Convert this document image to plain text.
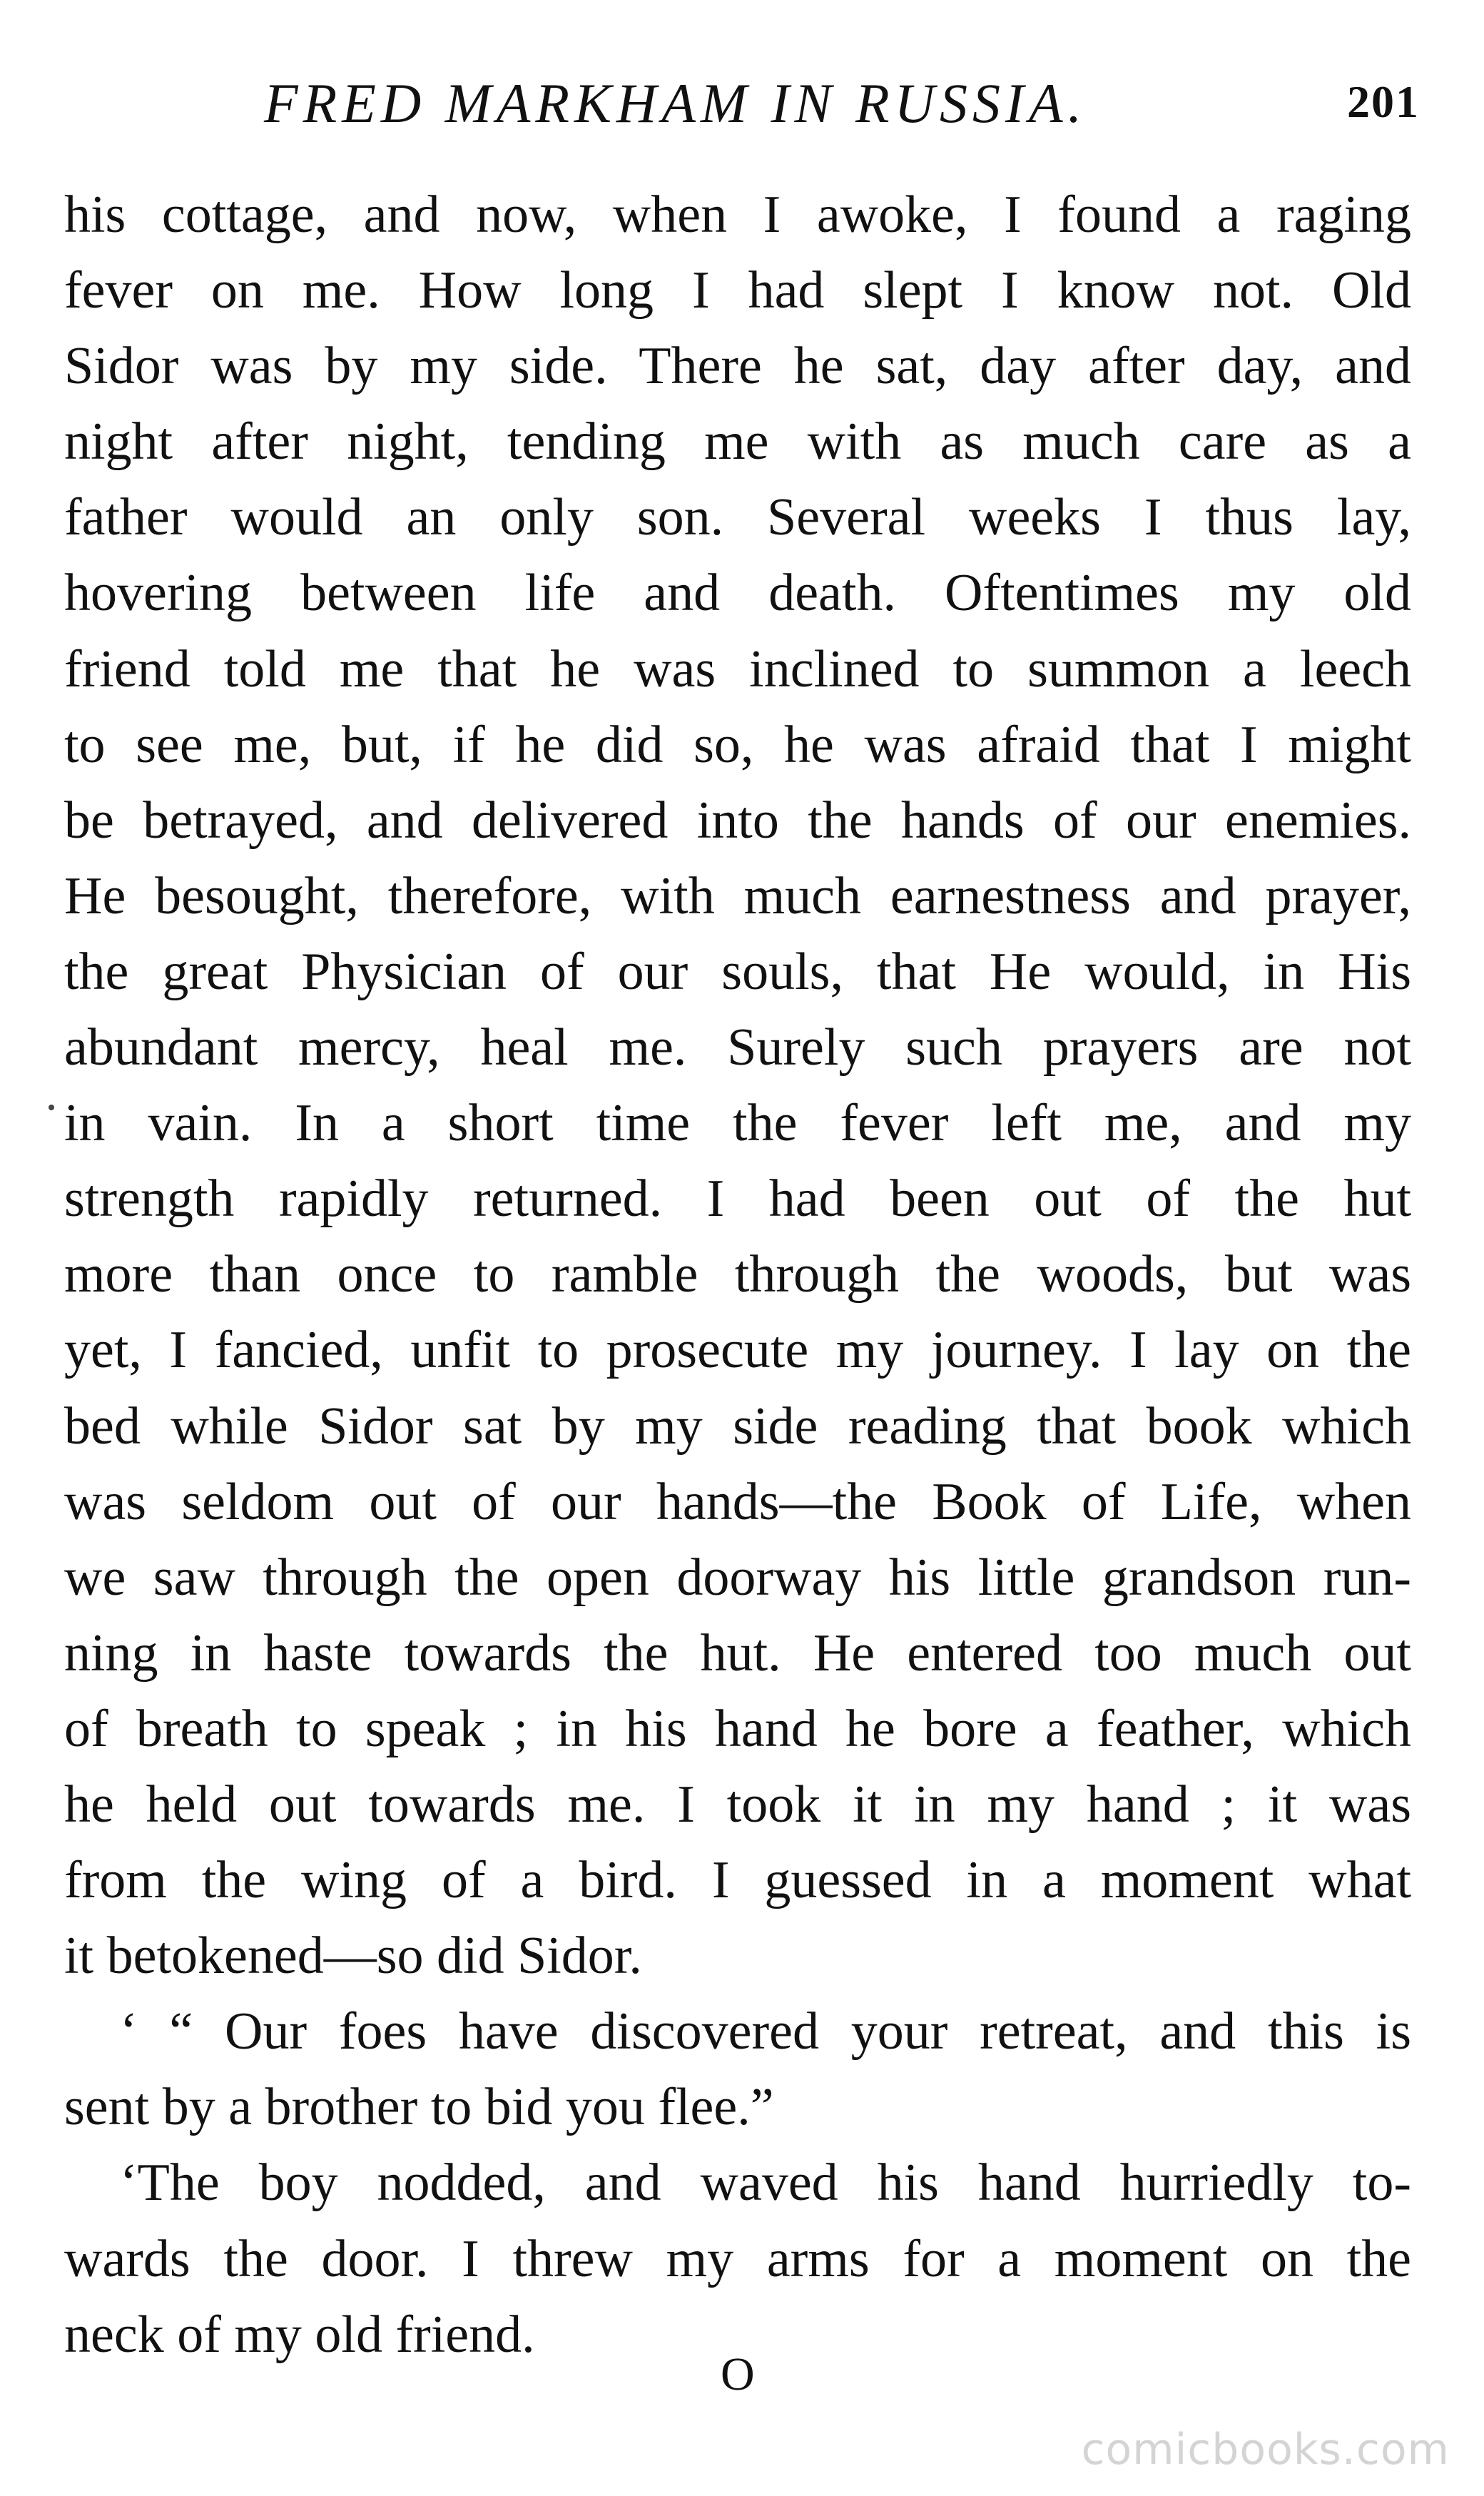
FRED MARKHAM IN RUSSIA.	201

his cottage, and now, when I awoke, I found a raging
fever on me. How long I had slept I know not. Old
Sidor was by my side. There he sat, day after day, and
night after night, tending me with as much care as a
father would an only son. Several weeks I thus lay,
hovering between life and death. Oftentimes my old
friend told me that he was inclined to summon a leech
to see me, but, if he did so, he was afraid that I might
be betrayed, and delivered into the hands of our enemies.
He besought, therefore, with much earnestness and prayer,
the great Physician of our souls, that He would, in His
abundant mercy, heal me. Surely such prayers are not
in vain. In a short time the fever left me, and my
strength rapidly returned. I had been out of the hut
more than once to ramble through the woods, but was
yet, I fancied, unfit to prosecute my journey. I lay on the
bed while Sidor sat by my side reading that book which
was seldom out of our hands—the Book of Life, when
we saw through the open doorway his little grandson run-
ning in haste towards the hut. He entered too much out
of breath to speak ; in his hand he bore a feather, which
he held out towards me. I took it in my hand ; it was
from the wing of a bird. I guessed in a moment what
it betokened—so did Sidor.

‘ “ Our foes have discovered your retreat, and this is
sent by a brother to bid you flee.”

‘The boy nodded, and waved his hand hurriedly to-
wards the door. I threw my arms for a moment on the
neck of my old friend.

O
comicbooks.com
